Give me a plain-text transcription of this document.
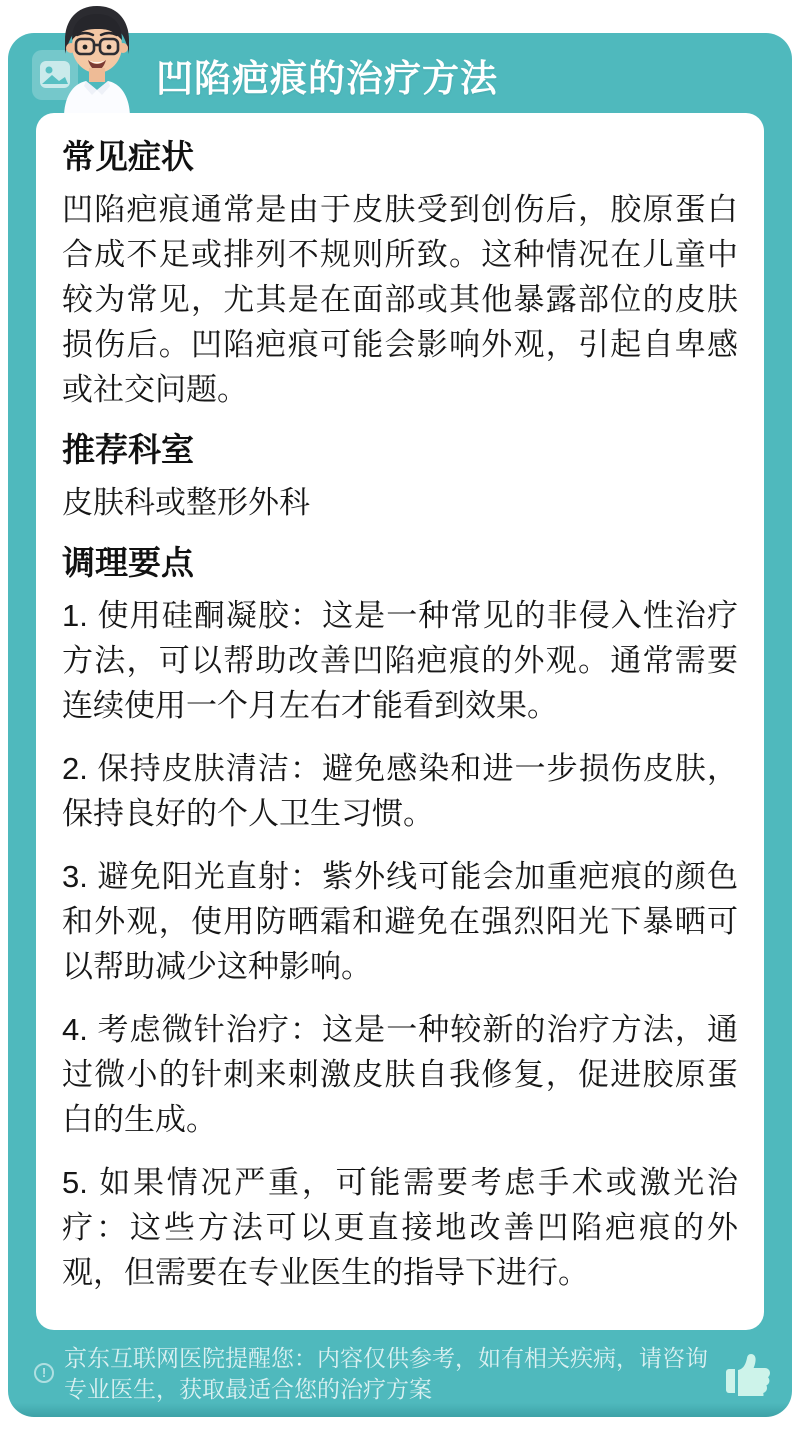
凹陷疤痕的治疗方法
常见症状

凹陷疤痕通常是由于皮肤受到创伤后，胶原蛋白合成不足或排列不规则所致。这种情况在儿童中较为常见，尤其是在面部或其他暴露部位的皮肤损伤后。凹陷疤痕可能会影响外观，引起自卑感或社交问题。

推荐科室

皮肤科或整形外科

调理要点

1. 使用硅酮凝胶：这是一种常见的非侵入性治疗方法，可以帮助改善凹陷疤痕的外观。通常需要连续使用一个月左右才能看到效果。

2. 保持皮肤清洁：避免感染和进一步损伤皮肤，保持良好的个人卫生习惯。

3. 避免阳光直射：紫外线可能会加重疤痕的颜色和外观，使用防晒霜和避免在强烈阳光下暴晒可以帮助减少这种影响。

4. 考虑微针治疗：这是一种较新的治疗方法，通过微小的针刺来刺激皮肤自我修复，促进胶原蛋白的生成。

5. 如果情况严重，可能需要考虑手术或激光治疗：这些方法可以更直接地改善凹陷疤痕的外观，但需要在专业医生的指导下进行。

!
京东互联网医院提醒您：内容仅供参考，如有相关疾病，请咨询专业医生，获取最适合您的治疗方案
